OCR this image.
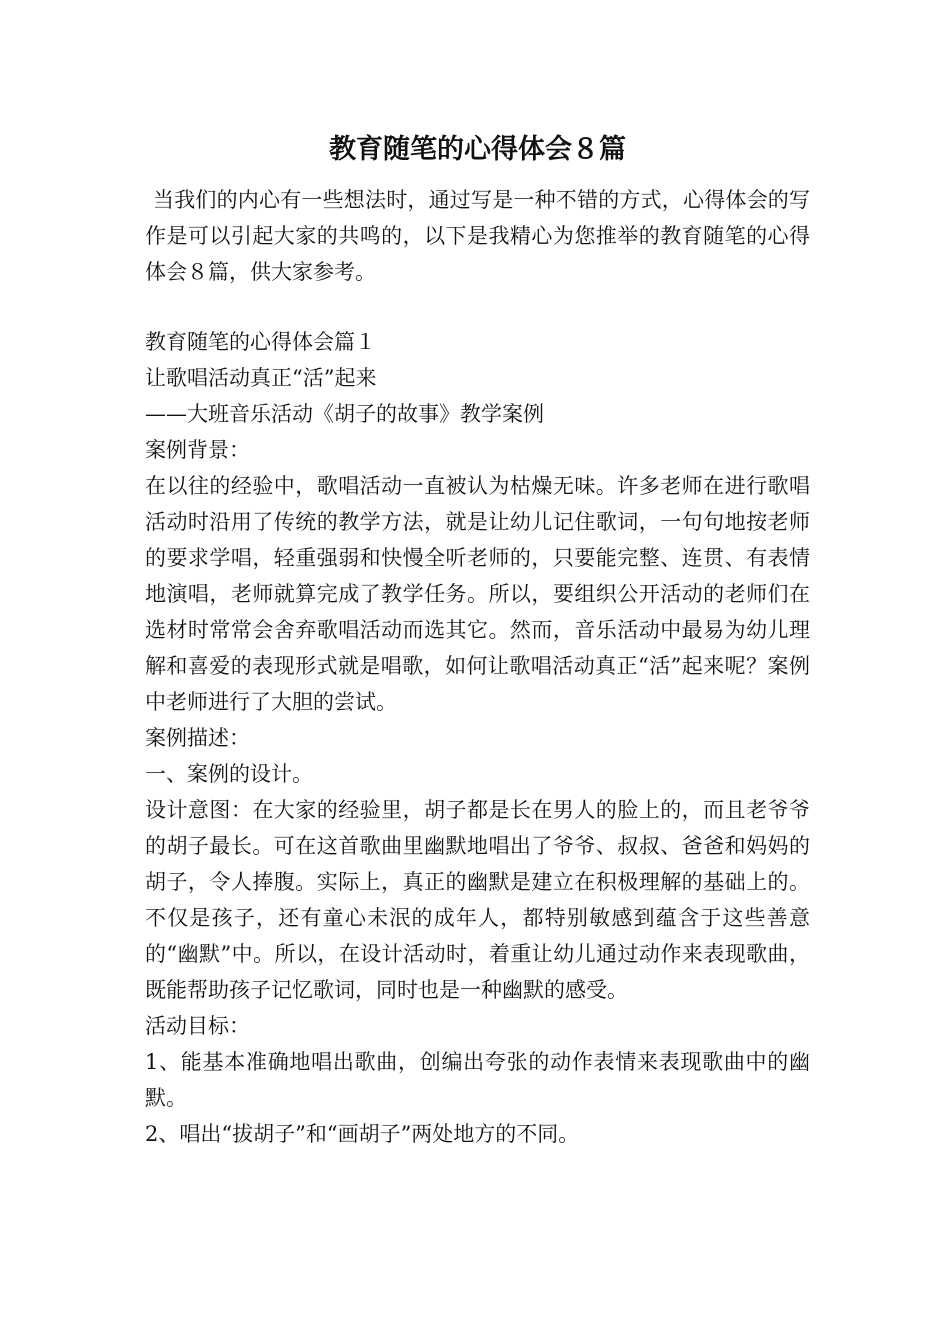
教育随笔的心得体会８篇

当我们的内心有一些想法时，通过写是一种不错的方式，心得体会的写作是可以引起大家的共鸣的，以下是我精心为您推举的教育随笔的心得体会８篇，供大家参考。

教育随笔的心得体会篇１

让歌唱活动真正“活”起来

——大班音乐活动《胡子的故事》教学案例

案例背景：

在以往的经验中，歌唱活动一直被认为枯燥无味。许多老师在进行歌唱活动时沿用了传统的教学方法，就是让幼儿记住歌词，一句句地按老师的要求学唱，轻重强弱和快慢全听老师的，只要能完整、连贯、有表情地演唱，老师就算完成了教学任务。所以，要组织公开活动的老师们在选材时常常会舍弃歌唱活动而选其它。然而，音乐活动中最易为幼儿理解和喜爱的表现形式就是唱歌，如何让歌唱活动真正“活”起来呢？案例中老师进行了大胆的尝试。

案例描述：

一、案例的设计。

设计意图：在大家的经验里，胡子都是长在男人的脸上的，而且老爷爷的胡子最长。可在这首歌曲里幽默地唱出了爷爷、叔叔、爸爸和妈妈的胡子，令人捧腹。实际上，真正的幽默是建立在积极理解的基础上的。不仅是孩子，还有童心未泯的成年人，都特别敏感到蕴含于这些善意的“幽默”中。所以，在设计活动时，着重让幼儿通过动作来表现歌曲，既能帮助孩子记忆歌词，同时也是一种幽默的感受。

活动目标：

1、能基本准确地唱出歌曲，创编出夸张的动作表情来表现歌曲中的幽默。

2、唱出“拔胡子”和“画胡子”两处地方的不同。
